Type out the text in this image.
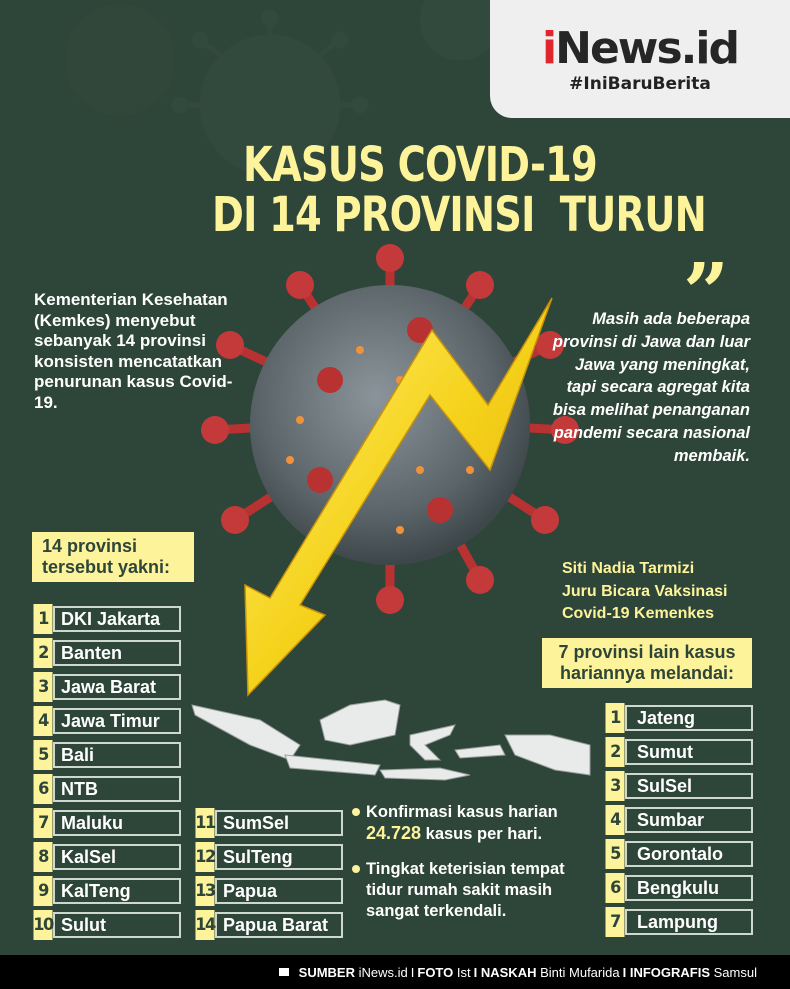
iNews.id
#IniBaruBerita
KASUS COVID-19
DI 14 PROVINSI  TURUN
Kementerian Kesehatan (Kemkes) menyebut sebanyak 14 provinsi konsisten mencatatkan penurunan kasus Covid-19.
”
Masih ada beberapa provinsi di Jawa dan luar Jawa yang meningkat, tapi secara agregat kita bisa melihat penanganan pandemi secara nasional membaik.
Siti Nadia Tarmizi
Juru Bicara Vaksinasi
Covid-19 Kemenkes
14 provinsi
tersebut yakni:
1 DKI Jakarta
2 Banten
3 Jawa Barat
4 Jawa Timur
5 Bali
6 NTB
7 Maluku
8 KalSel
9 KalTeng
10 Sulut
11 SumSel
12 SulTeng
13 Papua
14 Papua Barat
7 provinsi lain kasus
hariannya melandai:
1 Jateng
2 Sumut
3 SulSel
4 Sumbar
5 Gorontalo
6 Bengkulu
7 Lampung
Konfirmasi kasus harian
24.728 kasus per hari.
Tingkat keterisian tempat tidur rumah sakit masih sangat terkendali.
SUMBER
iNews.id I FOTO
Ist I
NASKAH
Binti Mufarida I
INFOGRAFIS
Samsul
